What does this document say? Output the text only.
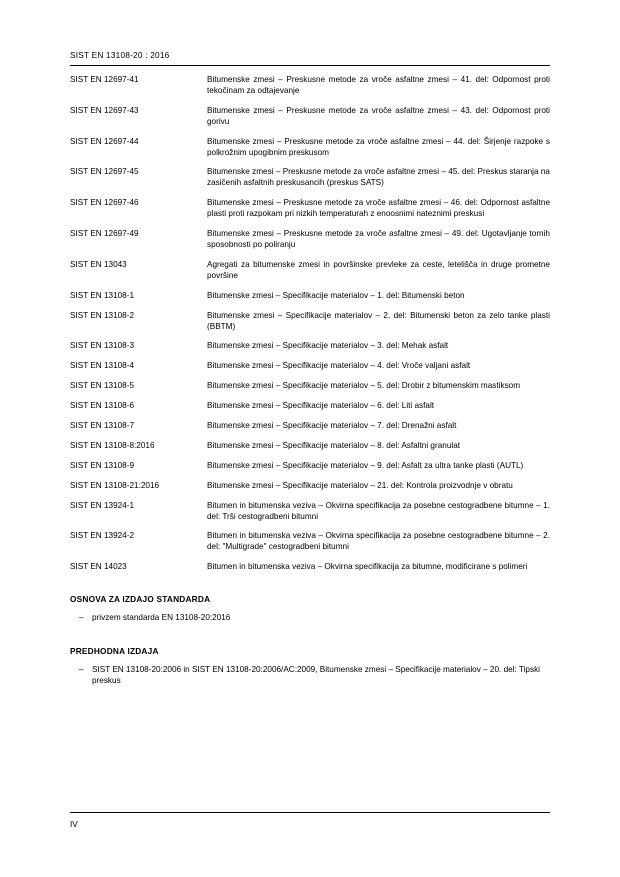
SIST EN 13108-20 : 2016
SIST EN 12697-41	Bitumenske zmesi – Preskusne metode za vroče asfaltne zmesi – 41. del: Odpornost proti tekočinam za odtajevanje
SIST EN 12697-43	Bitumenske zmesi – Preskusne metode za vroče asfaltne zmesi – 43. del: Odpornost proti gorivu
SIST EN 12697-44	Bitumenske zmesi – Preskusne metode za vroče asfaltne zmesi – 44. del: Širjenje razpoke s polkrožnim upogibnim preskusom
SIST EN 12697-45	Bitumenske zmesi – Preskusne metode za vroče asfaltne zmesi – 45. del: Preskus staranja na zasičenih asfaltnih preskusancih (preskus SATS)
SIST EN 12697-46	Bitumenske zmesi – Preskusne metode za vroče asfaltne zmesi – 46. del: Odpornost asfaltne plasti proti razpokam pri nizkih temperaturah z enoosnimi nateznimi preskusi
SIST EN 12697-49	Bitumenske zmesi – Preskusne metode za vroče asfaltne zmesi – 49. del: Ugotavljanje tornih sposobnosti po poliranju
SIST EN 13043	Agregati za bitumenske zmesi in površinske prevleke za ceste, letelišča in druge prometne površine
SIST EN 13108-1	Bitumenske zmesi – Specifikacije materialov – 1. del: Bitumenski beton
SIST EN 13108-2	Bitumenske zmesi – Specifikacije materialov – 2. del: Bitumenski beton za zelo tanke plasti (BBTM)
SIST EN 13108-3	Bitumenske zmesi – Specifikacije materialov – 3. del: Mehak asfalt
SIST EN 13108-4	Bitumenske zmesi – Specifikacije materialov – 4. del: Vroče valjani asfalt
SIST EN 13108-5	Bitumenske zmesi – Specifikacije materialov – 5. del: Drobir z bitumenskim mastiksom
SIST EN 13108-6	Bitumenske zmesi – Specifikacije materialov – 6. del: Liti asfalt
SIST EN 13108-7	Bitumenske zmesi – Specifikacije materialov – 7. del: Drenažni asfalt
SIST EN 13108-8:2016	Bitumenske zmesi – Specifikacije materialov – 8. del: Asfaltni granulat
SIST EN 13108-9	Bitumenske zmesi – Specifikacije materialov – 9. del: Asfalt za ultra tanke plasti (AUTL)
SIST EN 13108-21:2016	Bitumenske zmesi – Specifikacije materialov – 21. del: Kontrola proizvodnje v obratu
SIST EN 13924-1	Bitumen in bitumenska veziva – Okvirna specifikacija za posebne cestogradbene bitumne – 1. del: Trši cestogradbeni bitumni
SIST EN 13924-2	Bitumen in bitumenska veziva – Okvirna specifikacija za posebne cestogradbene bitumne – 2. del: "Multigrade" cestogradbeni bitumni
SIST EN 14023	Bitumen in bitumenska veziva – Okvirna specifikacija za bitumne, modificirane s polimeri
OSNOVA ZA IZDAJO STANDARDA
–	privzem standarda EN 13108-20:2016
PREDHODNA IZDAJA
–	SIST EN 13108-20:2006 in SIST EN 13108-20:2006/AC:2009, Bitumenske zmesi – Specifikacije materialov – 20. del: Tipski preskus
IV
